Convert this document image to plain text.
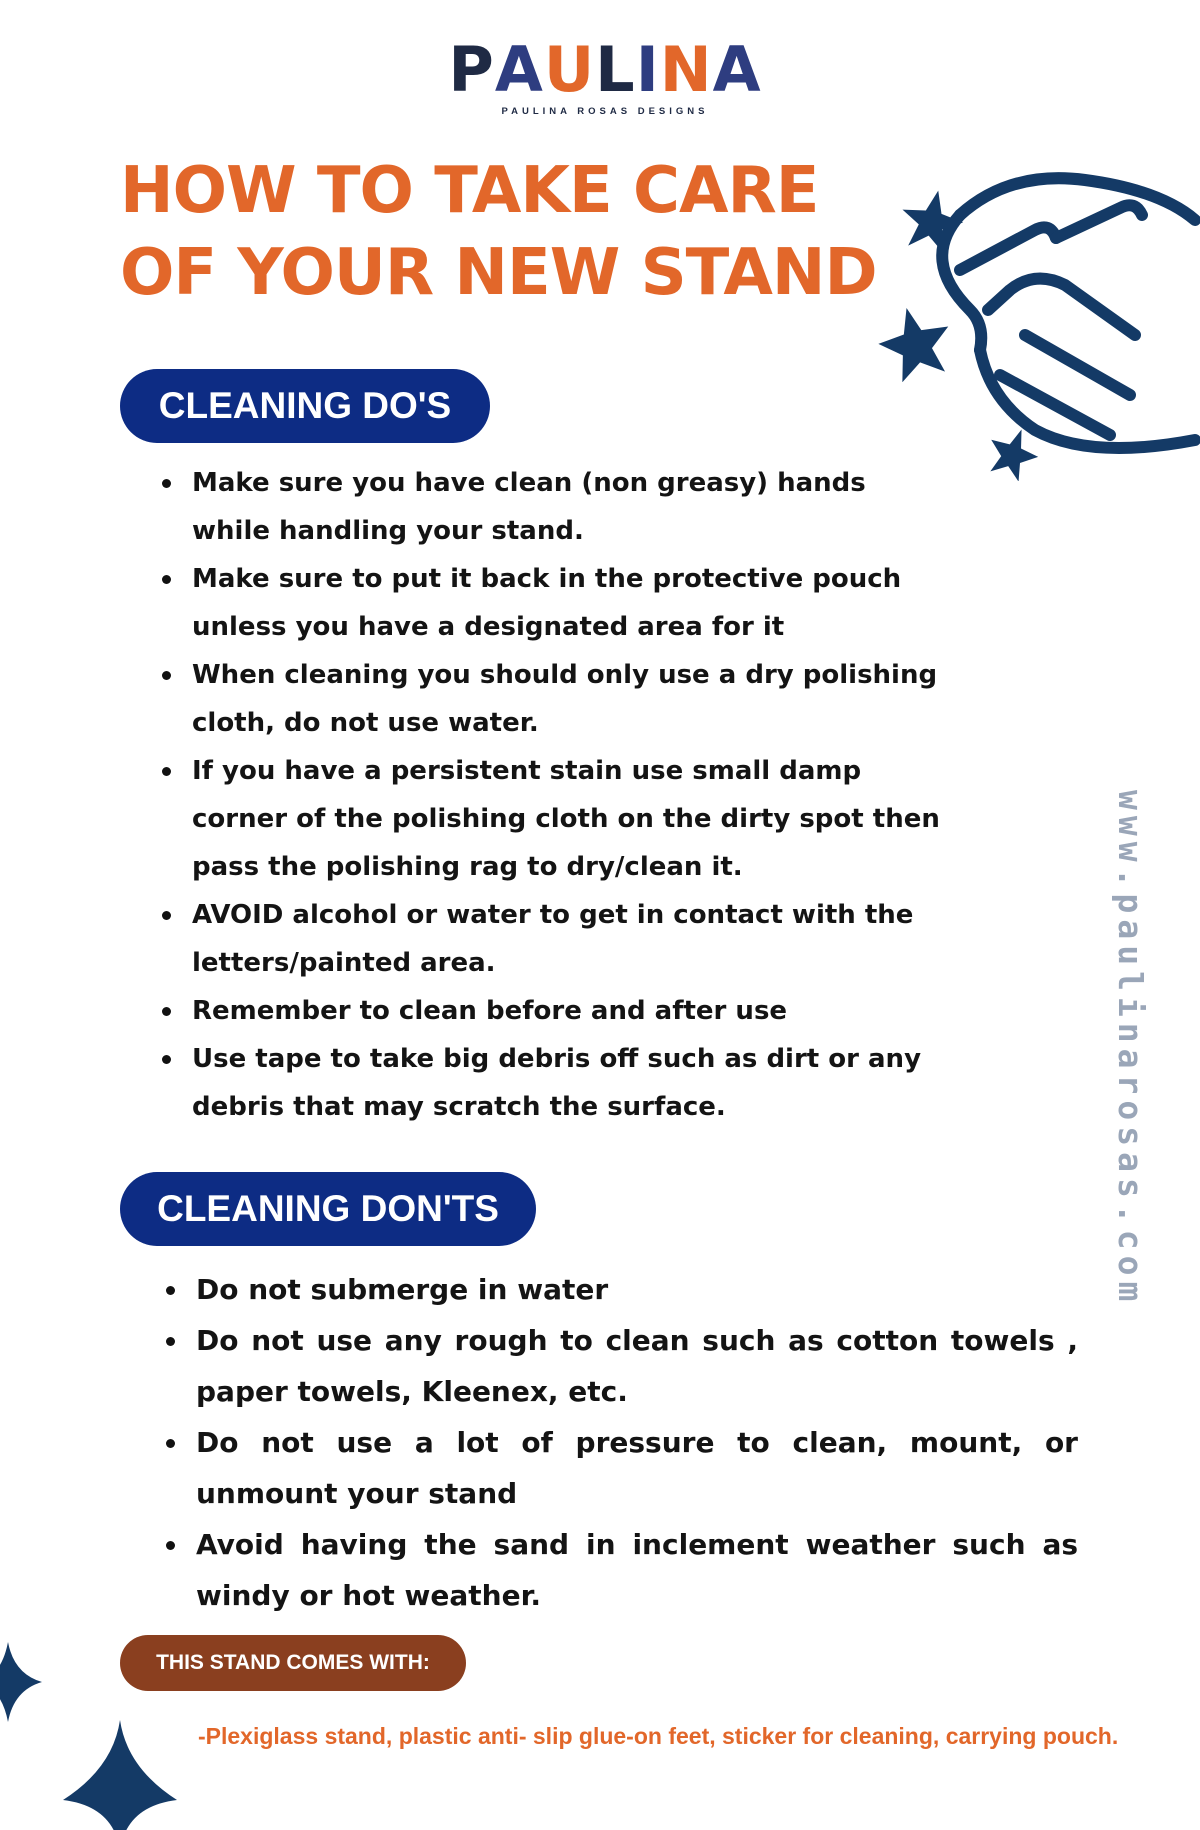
P A U L I N A
PAULINA ROSAS DESIGNS
HOW TO TAKE CARE
OF YOUR NEW STAND
CLEANING DO'S
Make sure you have clean (non greasy) hands while handling your stand.
Make sure to put it back in the protective pouch unless you have a designated area for it
When cleaning you should only use a dry polishing cloth, do not use water.
If you have a persistent stain use small damp corner of the polishing cloth on the dirty spot then pass the polishing rag to dry/clean it.
AVOID alcohol or water to get in contact with the letters/painted area.
Remember to clean before and after use
Use tape to take big debris off such as dirt or any debris that may scratch the surface.
CLEANING DON'TS
Do not submerge in water
Do not use any rough to clean such as cotton towels , paper towels, Kleenex, etc.
Do not use a lot of pressure to clean, mount, or unmount your stand
Avoid having the sand in inclement weather such as windy or hot weather.
www.paulinarosas.com
THIS STAND COMES WITH:
-Plexiglass stand, plastic anti- slip glue-on feet, sticker for cleaning, carrying pouch.
